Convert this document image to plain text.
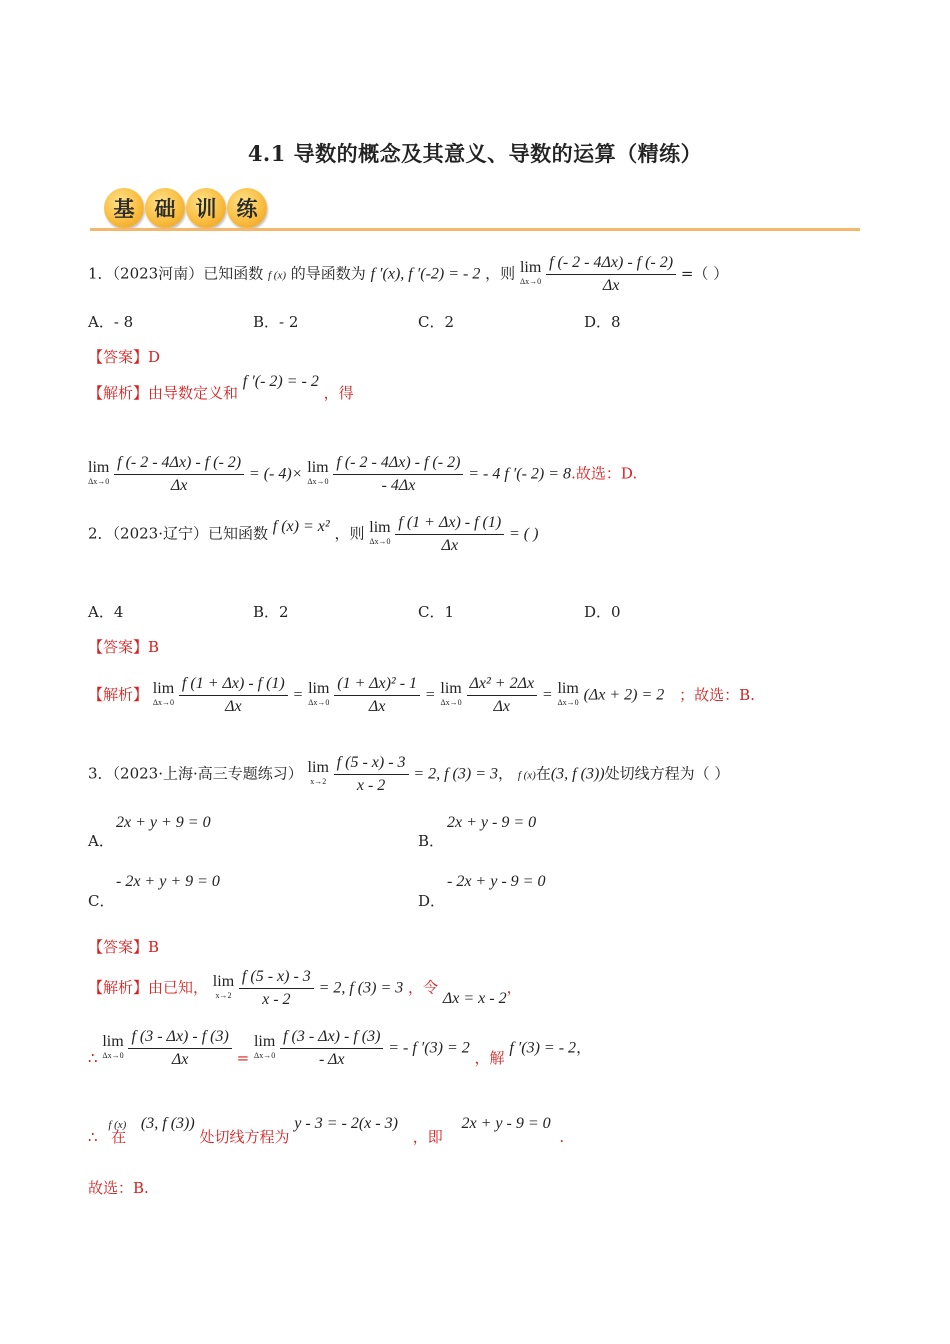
4.1 导数的概念及其意义、导数的运算（精练）
基 础 训 练
1．（2023河南）已知函数 f (x) 的导函数为 f ′(x), f ′(-2) = - 2 ，则 lim
Δx→0
$\frac{f (- 2 - 4\Delta x) - f (- 2)}{\Delta x}$ =（ ）
A．- 8	B．- 2	C．2	D．8
【答案】D
【解析】由导数定义和 f ′(- 2) = - 2 ，得
lim
Δx→0
$\frac{f (- 2 - 4\Delta x) - f (- 2)}{\Delta x}$ = (- 4)× lim
Δx→0
$\frac{f (- 2 - 4\Delta x) - f (- 2)}{- 4\Delta x}$ = - 4 f ′(- 2) = 8.故选：D.
2．（2023·辽宁）已知函数 f (x) = x² ，则 lim
Δx→0
$\frac{f (1 + \Delta x) - f (1)}{\Delta x}$ = ( )
A．4	B．2	C．1	D．0
【答案】B
【解析】 lim
Δx→0
$\frac{f (1 + \Delta x) - f (1)}{\Delta x} = \lim$
Δx→0
$\frac{\text{(1 + Δx)² - 1}}{\Delta x} = \lim$
Δx→0
$\frac{\text{Δx² + 2Δx}}{\Delta x} = \lim$
Δx→0 (Δx + 2) = 2 ；故选：B.
3．（2023·上海·高三专题练习） lim
x→2
$\frac{f (5 - x) - 3}{x - 2} = 2$, f (3) = 3， f (x)在(3, f (3))处切线方程为（ ）
A．
2x + y + 9 = 0
B．
2x + y - 9 = 0
C．
- 2x + y + 9 = 0
D．
- 2x + y - 9 = 0
【答案】B
【解析】由已知， lim
x→2
$\frac{f (5 - x) - 3}{x - 2} = 2$, f (3) = 3 ，令 Δx = x - 2，
∴ lim
Δx→0
$\frac{f (3 - \Delta x) - f (3)}{\Delta x} = \lim$
Δx→0
$\frac{f (3 - \Delta x) - f (3)}{- \Delta x}$ = - f ′(3) = 2 ，解 f ′(3) = - 2，
∴ f (x) 在 (3, f (3)) 处切线方程为 y - 3 = - 2(x - 3) ，即 2x + y - 9 = 0 .
故选：B.
